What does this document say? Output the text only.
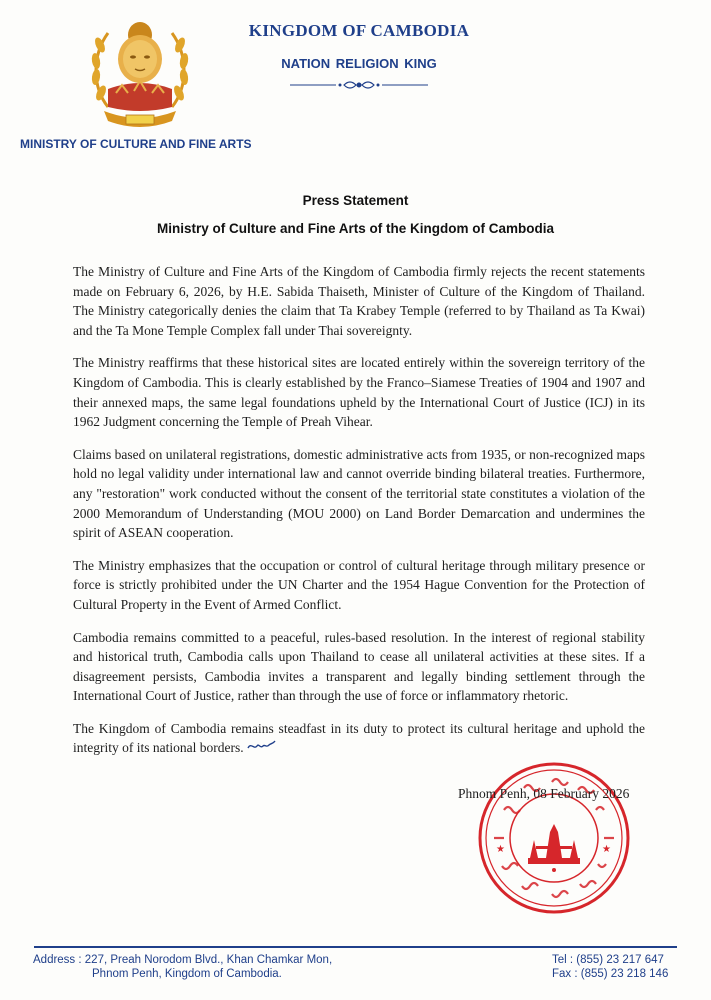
KINGDOM OF CAMBODIA
NATION RELIGION KING
MINISTRY OF CULTURE AND FINE ARTS
Press Statement
Ministry of Culture and Fine Arts of the Kingdom of Cambodia

The Ministry of Culture and Fine Arts of the Kingdom of Cambodia firmly rejects the recent statements made on February 6, 2026, by H.E. Sabida Thaiseth, Minister of Culture of the Kingdom of Thailand. The Ministry categorically denies the claim that Ta Krabey Temple (referred to by Thailand as Ta Kwai) and the Ta Mone Temple Complex fall under Thai sovereignty.

The Ministry reaffirms that these historical sites are located entirely within the sovereign territory of the Kingdom of Cambodia. This is clearly established by the Franco–Siamese Treaties of 1904 and 1907 and their annexed maps, the same legal foundations upheld by the International Court of Justice (ICJ) in its 1962 Judgment concerning the Temple of Preah Vihear.

Claims based on unilateral registrations, domestic administrative acts from 1935, or non-recognized maps hold no legal validity under international law and cannot override binding bilateral treaties. Furthermore, any "restoration" work conducted without the consent of the territorial state constitutes a violation of the 2000 Memorandum of Understanding (MOU 2000) on Land Border Demarcation and undermines the spirit of ASEAN cooperation.

The Ministry emphasizes that the occupation or control of cultural heritage through military presence or force is strictly prohibited under the UN Charter and the 1954 Hague Convention for the Protection of Cultural Property in the Event of Armed Conflict.

Cambodia remains committed to a peaceful, rules-based resolution. In the interest of regional stability and historical truth, Cambodia calls upon Thailand to cease all unilateral activities at these sites. If a disagreement persists, Cambodia invites a transparent and legally binding settlement through the International Court of Justice, rather than through the use of force or inflammatory rhetoric.

The Kingdom of Cambodia remains steadfast in its duty to protect its cultural heritage and uphold the integrity of its national borders.

★	★
Phnom Penh, 08 February 2026
Address : 227, Preah Norodom Blvd., Khan Chamkar Mon,
Phnom Penh, Kingdom of Cambodia.
Tel : (855) 23 217 647
Fax : (855) 23 218 146
